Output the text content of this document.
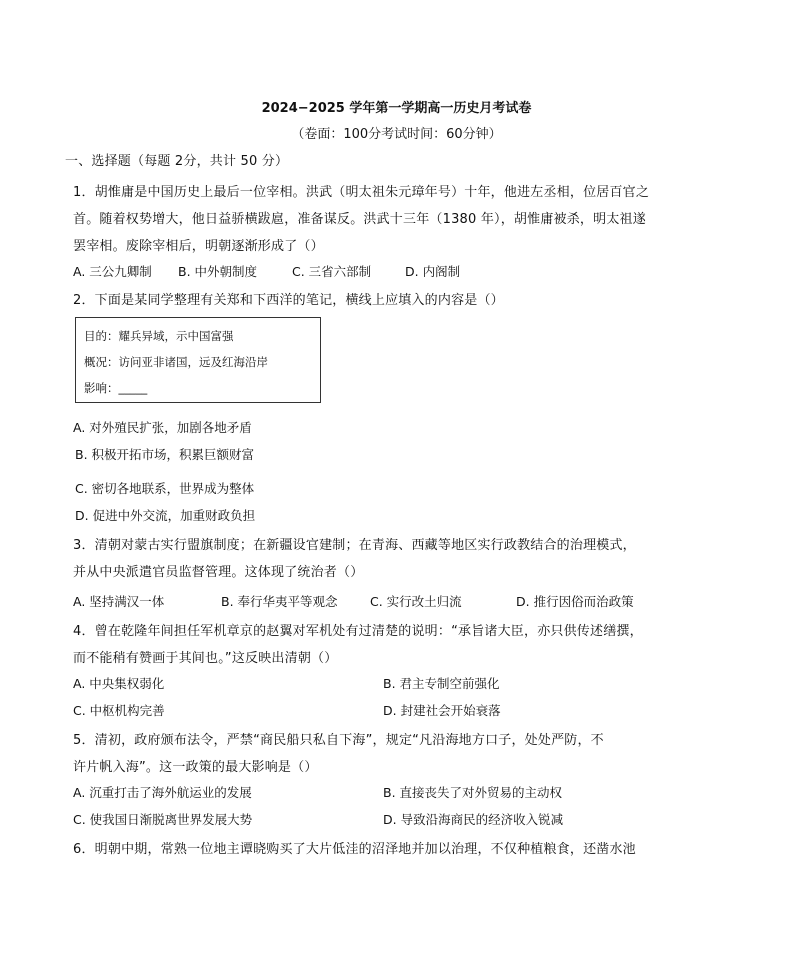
2024−2025 学年第一学期高一历史月考试卷
（卷面：100分考试时间：60分钟）
一、选择题（每题 2分，共计 50 分）
1．胡惟庸是中国历史上最后一位宰相。洪武（明太祖朱元璋年号）十年，他进左丞相，位居百官之
首。随着权势增大，他日益骄横跋扈，准备谋反。洪武十三年（1380 年），胡惟庸被杀，明太祖遂
罢宰相。废除宰相后，明朝逐渐形成了（）
A. 三公九卿制 B. 中外朝制度	C. 三省六部制	D. 内阁制
2．下面是某同学整理有关郑和下西洋的笔记，横线上应填入的内容是（）
目的：耀兵异域，示中国富强
概况：访问亚非诸国，远及红海沿岸
影响：_____
A. 对外殖民扩张，加剧各地矛盾
B. 积极开拓市场，积累巨额财富
C. 密切各地联系，世界成为整体
D. 促进中外交流，加重财政负担
3．清朝对蒙古实行盟旗制度；在新疆设官建制；在青海、西藏等地区实行政教结合的治理模式，
并从中央派遣官员监督管理。这体现了统治者（）
A. 坚持满汉一体	B. 奉行华夷平等观念	C. 实行改土归流	D. 推行因俗而治政策
4．曾在乾隆年间担任军机章京的赵翼对军机处有过清楚的说明：“承旨诸大臣，亦只供传述缮撰，
而不能稍有赞画于其间也。”这反映出清朝（）
A. 中央集权弱化	B. 君主专制空前强化
C. 中枢机构完善	D. 封建社会开始衰落
5．清初，政府颁布法令，严禁“商民船只私自下海”，规定“凡沿海地方口子，处处严防，不
许片帆入海”。这一政策的最大影响是（）
A. 沉重打击了海外航运业的发展	B. 直接丧失了对外贸易的主动权
C. 使我国日渐脱离世界发展大势	D. 导致沿海商民的经济收入锐减
6．明朝中期，常熟一位地主谭晓购买了大片低洼的沼泽地并加以治理，不仅种植粮食，还凿水池
